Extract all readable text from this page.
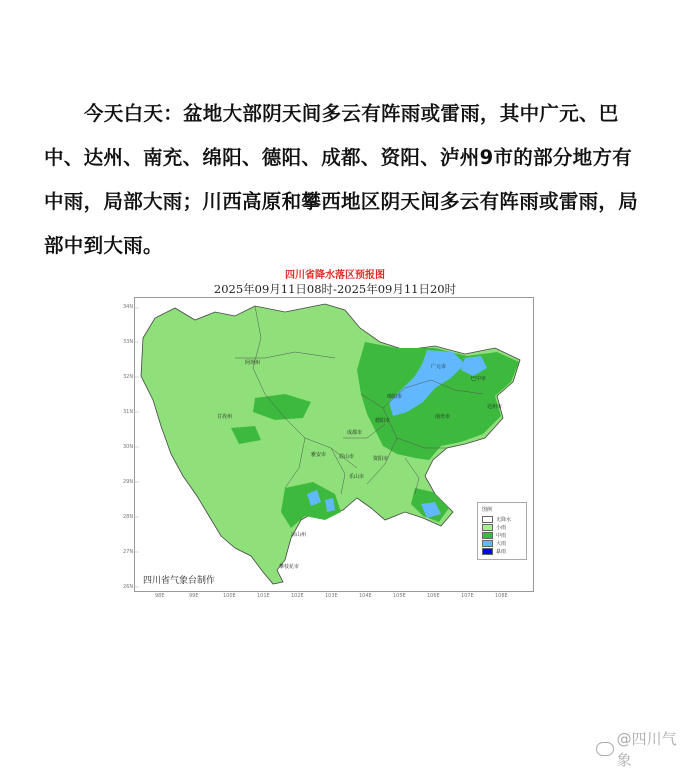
今天白天：盆地大部阴天间多云有阵雨或雷雨，其中广元、巴中、达州、南充、绵阳、德阳、成都、资阳、泸州9市的部分地方有中雨，局部大雨；川西高原和攀西地区阴天间多云有阵雨或雷雨，局部中到大雨。
四川省降水落区预报图
2025年09月11日08时-2025年09月11日20时
阿坝州
广元市
巴中市
达州市
绵阳市
南充市
德阳市
成都市
甘孜州
雅安市	眉山市	资阳市
乐山市
凉山州
攀枝花市
34N
33N
32N
31N
30N
29N
28N
27N
26N
98E	99E	100E	101E	102E	103E	104E	105E	106E	107E	108E
图例
无降水
小雨
中雨
大雨
暴雨
四川省气象台制作
@四川气象
